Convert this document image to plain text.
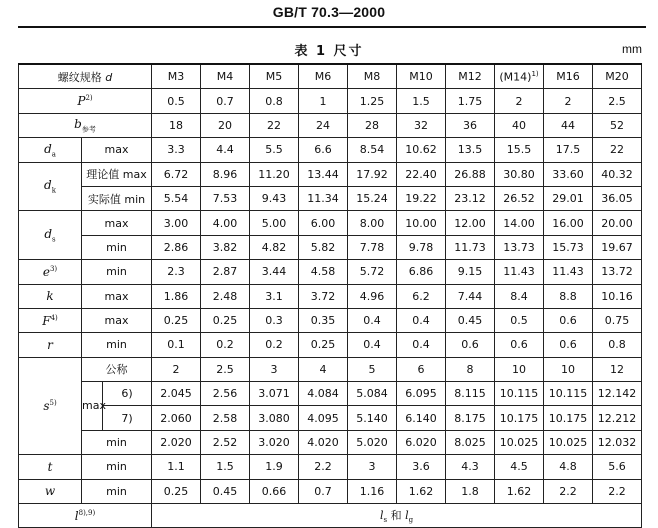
GB/T 70.3—2000
表 1 尺寸	mm
螺纹规格 d			M3	M4	M5	M6	M8	M10	M12	$(M14)^{1)}$	M16	M20
$P^{2)}$			0.5	0.7	0.8	1	1.25	1.5	1.75	2	2	2.5
$b_{参考}$			18	20	22	24	28	32	36	40	44	52
$d_a$	max		3.3	4.4	5.5	6.6	8.54	10.62	13.5	15.5	17.5	22
$d_k$	理论值 max		6.72	8.96	11.20	13.44	17.92	22.40	26.88	30.80	33.60	40.32
	实际值 min		5.54	7.53	9.43	11.34	15.24	19.22	23.12	26.52	29.01	36.05
$d_s$	max		3.00	4.00	5.00	6.00	8.00	10.00	12.00	14.00	16.00	20.00
	min		2.86	3.82	4.82	5.82	7.78	9.78	11.73	13.73	15.73	19.67
$e^{3)}$	min		2.3	2.87	3.44	4.58	5.72	6.86	9.15	11.43	11.43	13.72
k	max		1.86	2.48	3.1	3.72	4.96	6.2	7.44	8.4	8.8	10.16
$F^{4)}$	max		0.25	0.25	0.3	0.35	0.4	0.4	0.45	0.5	0.6	0.75
r	min		0.1	0.2	0.2	0.25	0.4	0.4	0.6	0.6	0.6	0.8
$s^{5)}$	公称		2	2.5	3	4	5	6	8	10	10	12
	max	6)	2.045	2.56	3.071	4.084	5.084	6.095	8.115	10.115	10.115	12.142
		7)	2.060	2.58	3.080	4.095	5.140	6.140	8.175	10.175	10.175	12.212
	min		2.020	2.52	3.020	4.020	5.020	6.020	8.025	10.025	10.025	12.032
t	min		1.1	1.5	1.9	2.2	3	3.6	4.3	4.5	4.8	5.6
w	min		0.25	0.45	0.66	0.7	1.16	1.62	1.8	1.62	2.2	2.2
$l^{8),9)}$			$l_s$ 和 $l_g$
